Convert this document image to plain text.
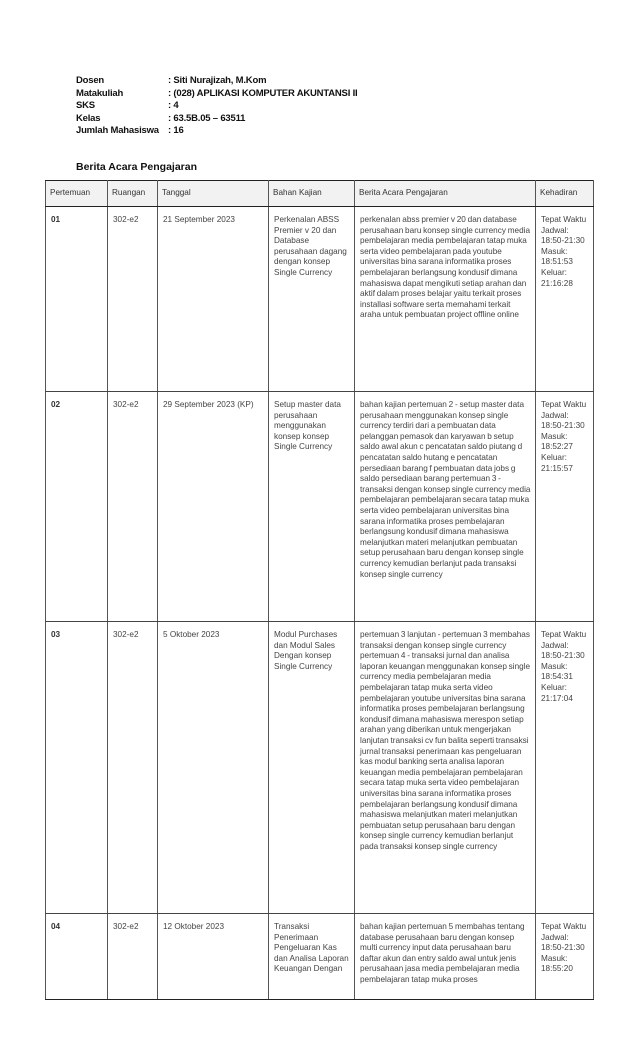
Dosen	: Siti Nurajizah, M.Kom
Matakuliah	: (028) APLIKASI KOMPUTER AKUNTANSI II
SKS	: 4
Kelas	: 63.5B.05 – 63511
Jumlah Mahasiswa : 16
Berita Acara Pengajaran
Pertemuan	Ruangan	Tanggal	Bahan Kajian	Berita Acara Pengajaran	Kehadiran
01	302-e2	21 September 2023	Perkenalan ABSS Premier v 20 dan Database perusahaan dagang dengan konsep Single Currency	perkenalan abss premier v 20 dan database perusahaan baru konsep single currency media pembelajaran media pembelajaran tatap muka serta video pembelajaran pada youtube universitas bina sarana informatika proses pembelajaran berlangsung kondusif dimana mahasiswa dapat mengikuti setiap arahan dan aktif dalam proses belajar yaitu terkait proses installasi software serta memahami terkait araha untuk pembuatan project offline online	Tepat Waktu Jadwal: 18:50-21:30 Masuk: 18:51:53 Keluar: 21:16:28
02	302-e2	29 September 2023 (KP)	Setup master data perusahaan menggunakan konsep konsep Single Currency	bahan kajian pertemuan 2 - setup master data perusahaan menggunakan konsep single currency terdiri dari a pembuatan data pelanggan pemasok dan karyawan b setup saldo awal akun c pencatatan saldo piutang d pencatatan saldo hutang e pencatatan persediaan barang f pembuatan data jobs g saldo persediaan barang pertemuan 3 - transaksi dengan konsep single currency media pembelajaran pembelajaran secara tatap muka serta video pembelajaran universitas bina sarana informatika proses pembelajaran berlangsung kondusif dimana mahasiswa melanjutkan materi melanjutkan pembuatan setup perusahaan baru dengan konsep single currency kemudian berlanjut pada transaksi konsep single currency	Tepat Waktu Jadwal: 18:50-21:30 Masuk: 18:52:27 Keluar: 21:15:57
03	302-e2	5 Oktober 2023	Modul Purchases dan Modul Sales Dengan konsep Single Currency	pertemuan 3 lanjutan - pertemuan 3 membahas transaksi dengan konsep single currency pertemuan 4 - transaksi jurnal dan analisa laporan keuangan menggunakan konsep single currency media pembelajaran media pembelajaran tatap muka serta video pembelajaran youtube universitas bina sarana informatika proses pembelajaran berlangsung kondusif dimana mahasiswa merespon setiap arahan yang diberikan untuk mengerjakan lanjutan transaksi cv fun balita seperti transaksi jurnal transaksi penerimaan kas pengeluaran kas modul banking serta analisa laporan keuangan media pembelajaran pembelajaran secara tatap muka serta video pembelajaran universitas bina sarana informatika proses pembelajaran berlangsung kondusif dimana mahasiswa melanjutkan materi melanjutkan pembuatan setup perusahaan baru dengan konsep single currency kemudian berlanjut pada transaksi konsep single currency	Tepat Waktu Jadwal: 18:50-21:30 Masuk: 18:54:31 Keluar: 21:17:04
04	302-e2	12 Oktober 2023	Transaksi Penerimaan Pengeluaran Kas dan Analisa Laporan Keuangan Dengan	bahan kajian pertemuan 5 membahas tentang database perusahaan baru dengan konsep multi currency input data perusahaan baru daftar akun dan entry saldo awal untuk jenis perusahaan jasa media pembelajaran media pembelajaran tatap muka proses	Tepat Waktu Jadwal: 18:50-21:30 Masuk: 18:55:20
